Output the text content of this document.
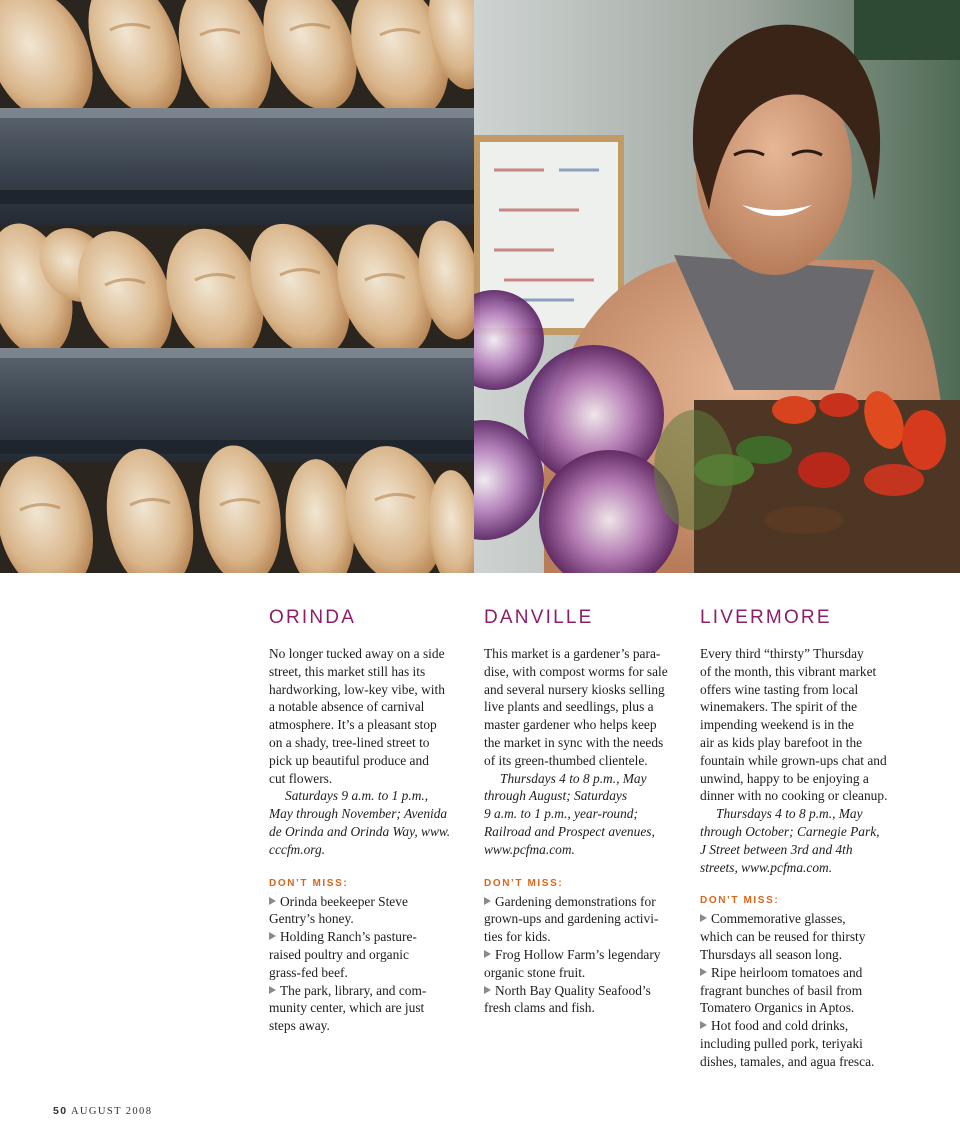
ORINDA

No longer tucked away on a side
street, this market still has its
hardworking, low-key vibe, with
a notable absence of carnival
atmosphere. It’s a pleasant stop
on a shady, tree-lined street to
pick up beautiful produce and
cut flowers.

Saturdays 9 a.m. to 1 p.m.,
May through November; Avenida
de Orinda and Orinda Way, www.
cccfm.org.

DON’T MISS:

Orinda beekeeper Steve
Gentry’s honey.

Holding Ranch’s pasture-
raised poultry and organic
grass-fed beef.

The park, library, and com-
munity center, which are just
steps away.

DANVILLE

This market is a gardener’s para-
dise, with compost worms for sale
and several nursery kiosks selling
live plants and seedlings, plus a
master gardener who helps keep
the market in sync with the needs
of its green-thumbed clientele.

Thursdays 4 to 8 p.m., May
through August; Saturdays
9 a.m. to 1 p.m., year-round;
Railroad and Prospect avenues,
www.pcfma.com.

DON’T MISS:

Gardening demonstrations for
grown-ups and gardening activi-
ties for kids.

Frog Hollow Farm’s legendary
organic stone fruit.

North Bay Quality Seafood’s
fresh clams and fish.

LIVERMORE

Every third “thirsty” Thursday
of the month, this vibrant market
offers wine tasting from local
winemakers. The spirit of the
impending weekend is in the
air as kids play barefoot in the
fountain while grown-ups chat and
unwind, happy to be enjoying a
dinner with no cooking or cleanup.

Thursdays 4 to 8 p.m., May
through October; Carnegie Park,
J Street between 3rd and 4th
streets, www.pcfma.com.

DON’T MISS:

Commemorative glasses,
which can be reused for thirsty
Thursdays all season long.

Ripe heirloom tomatoes and
fragrant bunches of basil from
Tomatero Organics in Aptos.

Hot food and cold drinks,
including pulled pork, teriyaki
dishes, tamales, and agua fresca.

50 AUGUST 2008
